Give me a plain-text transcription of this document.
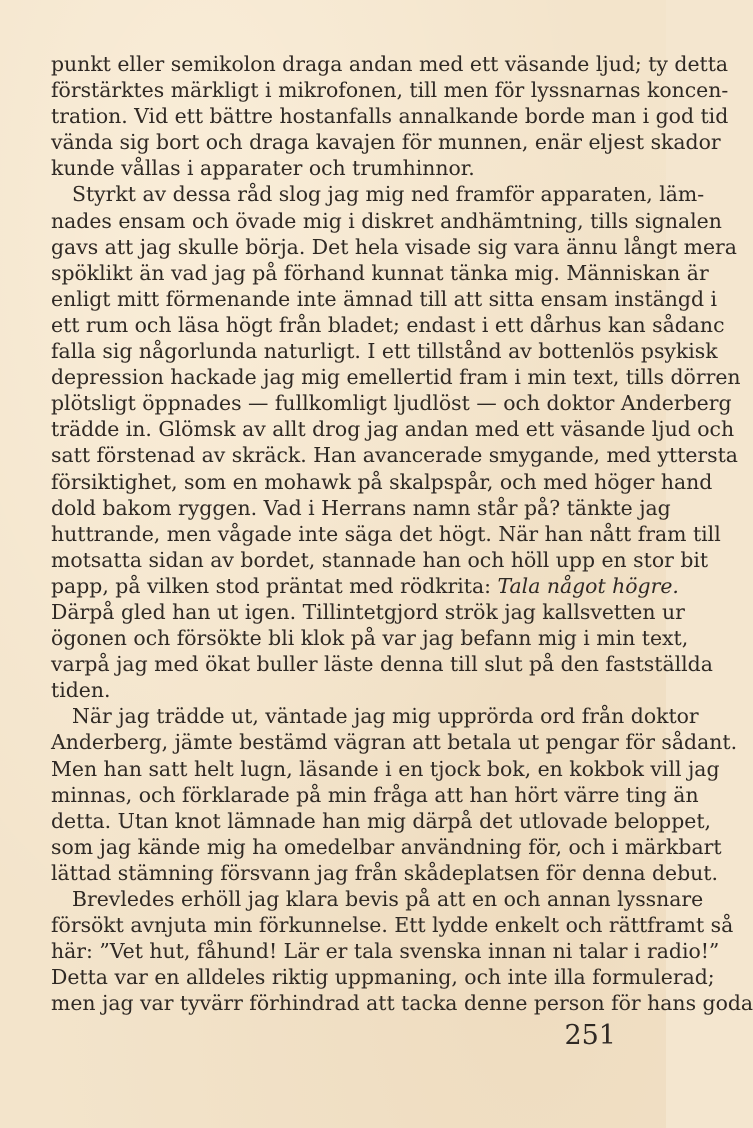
punkt eller semikolon draga andan med ett väsande ljud; ty detta
förstärktes märkligt i mikrofonen, till men för lyssnarnas koncen-
tration. Vid ett bättre hostanfalls annalkande borde man i god tid
vända sig bort och draga kavajen för munnen, enär eljest skador
kunde vållas i apparater och trumhinnor.
Styrkt av dessa råd slog jag mig ned framför apparaten, läm-
nades ensam och övade mig i diskret andhämtning, tills signalen
gavs att jag skulle börja. Det hela visade sig vara ännu långt mera
spöklikt än vad jag på förhand kunnat tänka mig. Människan är
enligt mitt förmenande inte ämnad till att sitta ensam instängd i
ett rum och läsa högt från bladet; endast i ett dårhus kan sådanc
falla sig någorlunda naturligt. I ett tillstånd av bottenlös psykisk
depression hackade jag mig emellertid fram i min text, tills dörren
plötsligt öppnades — fullkomligt ljudlöst — och doktor Anderberg
trädde in. Glömsk av allt drog jag andan med ett väsande ljud och
satt förstenad av skräck. Han avancerade smygande, med yttersta
försiktighet, som en mohawk på skalpspår, och med höger hand
dold bakom ryggen. Vad i Herrans namn står på? tänkte jag
huttrande, men vågade inte säga det högt. När han nått fram till
motsatta sidan av bordet, stannade han och höll upp en stor bit
papp, på vilken stod präntat med rödkrita: Tala något högre.
Därpå gled han ut igen. Tillintetgjord strök jag kallsvetten ur
ögonen och försökte bli klok på var jag befann mig i min text,
varpå jag med ökat buller läste denna till slut på den fastställda
tiden.
När jag trädde ut, väntade jag mig upprörda ord från doktor
Anderberg, jämte bestämd vägran att betala ut pengar för sådant.
Men han satt helt lugn, läsande i en tjock bok, en kokbok vill jag
minnas, och förklarade på min fråga att han hört värre ting än
detta. Utan knot lämnade han mig därpå det utlovade beloppet,
som jag kände mig ha omedelbar användning för, och i märkbart
lättad stämning försvann jag från skådeplatsen för denna debut.
Brevledes erhöll jag klara bevis på att en och annan lyssnare
försökt avnjuta min förkunnelse. Ett lydde enkelt och rättframt så
här: ”Vet hut, fåhund! Lär er tala svenska innan ni talar i radio!”
Detta var en alldeles riktig uppmaning, och inte illa formulerad;
men jag var tyvärr förhindrad att tacka denne person för hans goda
251
